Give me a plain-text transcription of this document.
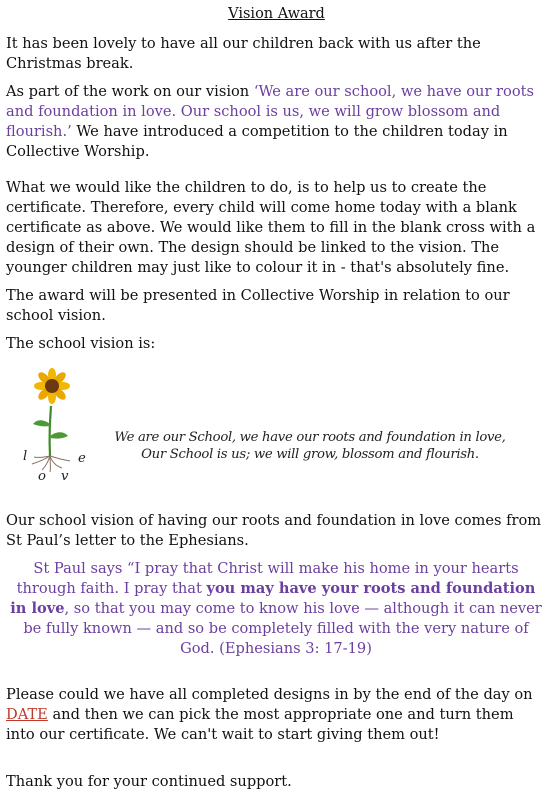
Vision Award

It has been lovely to have all our children back with us after the Christmas break.

As part of the work on our vision ‘We are our school, we have our roots and foundation in love. Our school is us, we will grow blossom and flourish.’ We have introduced a competition to the children today in Collective Worship.

What we would like the children to do, is to help us to create the certificate. Therefore, every child will come home today with a blank certificate as above. We would like them to fill in the blank cross with a design of their own. The design should be linked to the vision. The younger children may just like to colour it in - that's absolutely fine.

The award will be presented in Collective Worship in relation to our school vision.

The school vision is:

l	e
o v
We are our School, we have our roots and foundation in love,
Our School is us; we will grow, blossom and flourish.

Our school vision of having our roots and foundation in love comes from St Paul’s letter to the Ephesians.

St Paul says “I pray that Christ will make his home in your hearts through faith. I pray that you may have your roots and foundation in love, so that you may come to know his love — although it can never be fully known — and so be completely filled with the very nature of God. (Ephesians 3: 17-19)

Please could we have all completed designs in by the end of the day on DATE and then we can pick the most appropriate one and turn them into our certificate. We can't wait to start giving them out!

Thank you for your continued support.
